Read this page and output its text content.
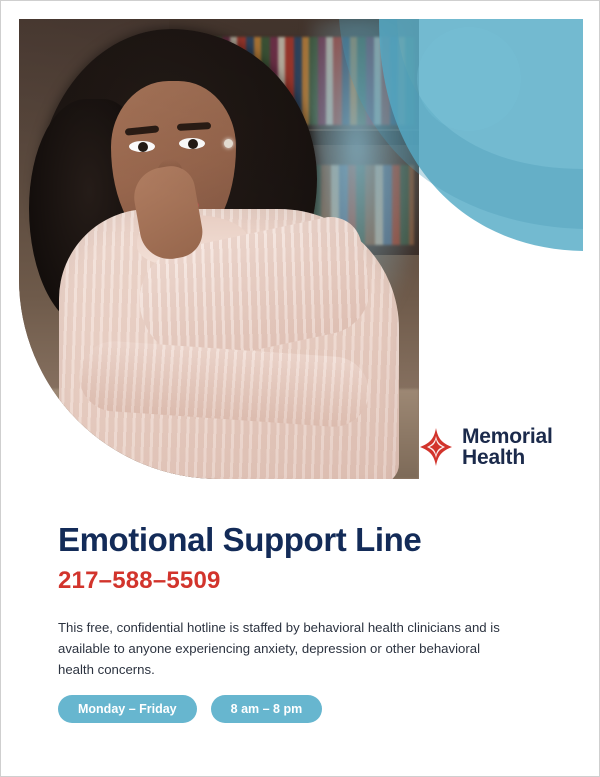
Memorial
Health
Emotional Support Line
217–588–5509

This free, confidential hotline is staffed by behavioral health clinicians and is available to anyone experiencing anxiety, depression or other behavioral health concerns.

Monday – Friday	8 am – 8 pm
